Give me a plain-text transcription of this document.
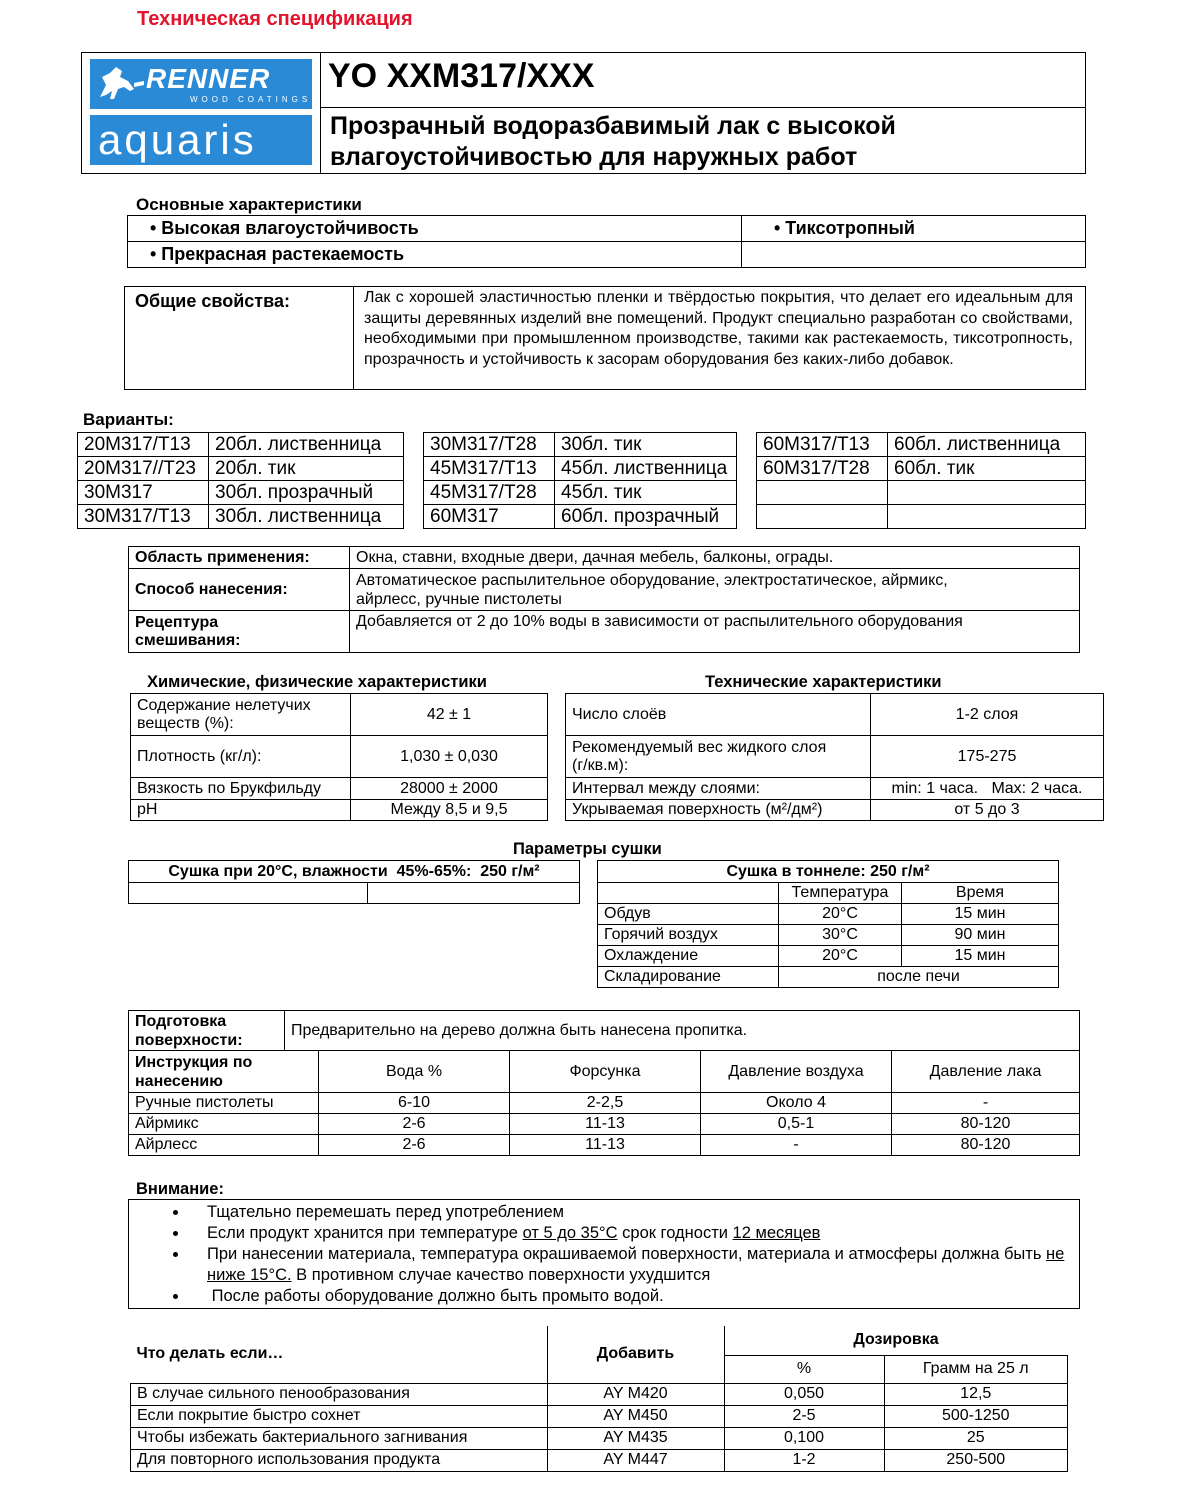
Техническая спецификация
RENNER
WOOD COATINGS
aquaris
YO XXM317/XXX
Прозрачный водоразбавимый лак с высокой
влагоустойчивостью для наружных работ
Основные характеристики
• Высокая влагоустойчивость	• Тиксотропный
• Прекрасная растекаемость	
Общие свойства:	Лак с хорошей эластичностью пленки и твёрдостью покрытия, что делает его идеальным для защиты деревянных изделий вне помещений. Продукт специально разработан со свойствами, необходимыми при промышленном производстве, такими как растекаемость, тиксотропность, прозрачность и устойчивость к засорам оборудования без каких-либо добавок.
Варианты:
20M317/T13	20бл. лиственница
20M317//T23	20бл. тик
30M317	30бл. прозрачный
30M317/T13	30бл. лиственница
30M317/T28	30бл. тик
45M317/T13	45бл. лиственница
45M317/T28	45бл. тик
60M317	60бл. прозрачный
60M317/T13	60бл. лиственница
60M317/T28	60бл. тик

Область применения:	Окна, ставни, входные двери, дачная мебель, балконы, ограды.
Способ нанесения:	Автоматическое распылительное оборудование, электростатическое, айрмикс,
айрлесс, ручные пистолеты

Рецептура
смешивания:	Добавляется от 2 до 10% воды в зависимости от распылительного оборудования
Химические, физические характеристики
Содержание нелетучих
веществ (%):	42 ± 1
Плотность (кг/л):	1,030 ± 0,030
Вязкость по Брукфильду	28000 ± 2000
pH	Между 8,5 и 9,5
Технические характеристики
Число слоёв	1-2 слоя

Рекомендуемый вес жидкого слоя
(г/кв.м):	175-275
Интервал между слоями:	min: 1 часа.   Max: 2 часа.
Укрываемая поверхность (м²/дм²)	от 5 до 3
Параметры сушки
Сушка при 20°C, влажности  45%-65%:  250 г/м²
		Сушка в тоннеле: 250 г/м²		
	Температура	Время
Обдув	20°C	15 мин
Горячий воздух	30°C	90 мин
Охлаждение	20°C	15 мин
Складирование	после печи	
Подготовка
поверхности:
	Предварительно на дерево должна быть нанесена пропитка.
Инструкция по
нанесению	Вода %	Форсунка	Давление воздуха	Давление лака
Ручные пистолеты	6-10	2-2,5	Около 4	-
Айрмикс	2-6	11-13	0,5-1	80-120
Айрлесс	2-6	11-13	-	80-120
Внимание:
• Тщательно перемешать перед употреблением
• Если продукт хранится при температуре от 5 до 35°C срок годности 12 месяцев
• При нанесении материала, температура окрашиваемой поверхности, материала и атмосферы должна быть не ниже 15°C. В противном случае качество поверхности ухудшится
•  После работы оборудование должно быть промыто водой.
Что делать если…	Добавить	Дозировка	
		%	Грамм на 25 л
В случае сильного пенообразования	AY M420	0,050	12,5
Если покрытие быстро сохнет	AY M450	2-5	500-1250
Чтобы избежать бактериального загнивания	AY M435	0,100	25
Для повторного использования продукта	AY M447	1-2	250-500
